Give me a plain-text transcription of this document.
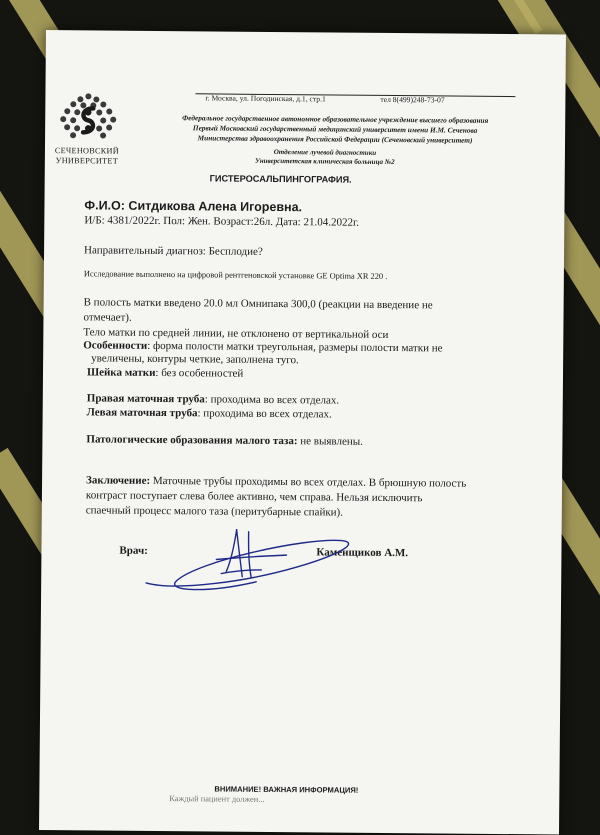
г. Москва, ул. Погодинская, д.1, стр.1	тел 8(499)248-73-07
СЕЧЕНОВСКИЙ
УНИВЕРСИТЕТ
Федеральное государственное автономное образовательное учреждение высшего образования
Первый Московский государственный медицинский университет имени И.М. Сеченова
Министерства здравоохранения Российской Федерации (Сеченовский университет)
Отделение лучевой диагностики
Университетская клиническая больница №2
ГИСТЕРОСАЛЬПИНГОГРАФИЯ.
Ф.И.О: Ситдикова Алена Игоревна.
И/Б: 4381/2022г. Пол: Жен. Возраст:26л. Дата: 21.04.2022г.
Направительный диагноз: Бесплодие?
Исследование выполнено на цифровой рентгеновской установке GE Optima XR 220 .
В полость матки введено 20.0 мл Омнипака 300,0 (реакции на введение не
отмечает).
Тело матки по средней линии, не отклонено от вертикальной оси
Особенности: форма полости матки треугольная, размеры полости матки не
увеличены, контуры четкие, заполнена туго.
Шейка матки: без особенностей
Правая маточная труба: проходима во всех отделах.
Левая маточная труба: проходима во всех отделах.
Патологические образования малого таза: не выявлены.
Заключение: Маточные трубы проходимы во всех отделах. В брюшную полость
контраст поступает слева более активно, чем справа. Нельзя исключить
спаечный процесс малого таза (перитубарные спайки).
Врач:	Каменщиков А.М.
ВНИМАНИЕ! ВАЖНАЯ ИНФОРМАЦИЯ!
Каждый пациент должен...
